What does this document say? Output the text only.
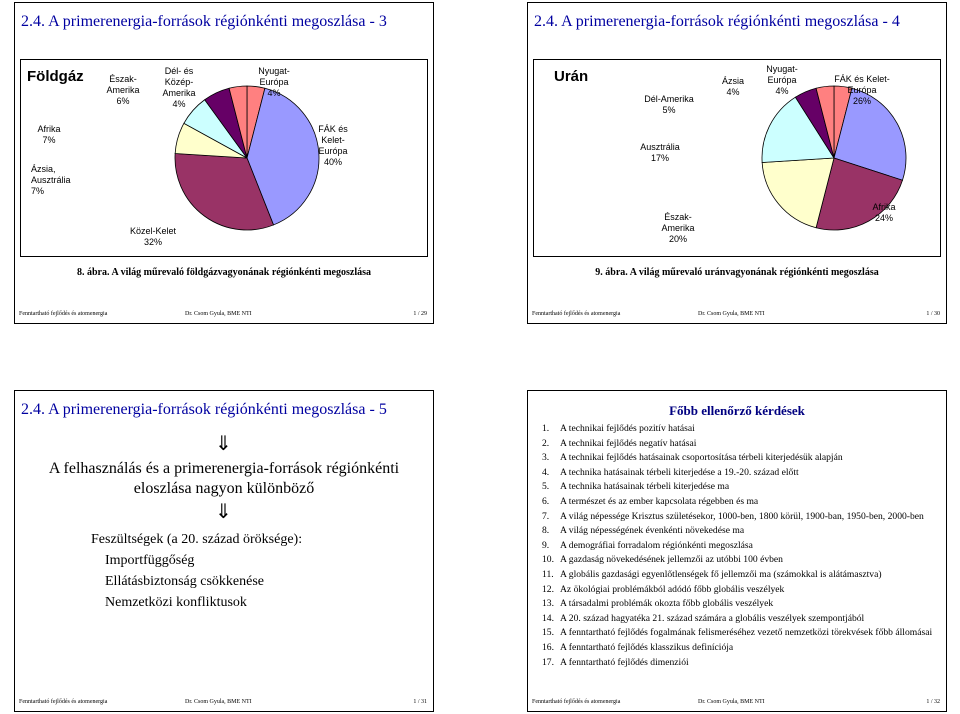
2.4. A primerenergia-források régiónkénti megoszlása - 3
Földgáz	Nyugat-Európa 4%
FÁK és Kelet-Európa 40%
Közel-Kelet 32%
Ázsia, Ausztrália 7%
Afrika 7%
Észak-Amerika 6%
Dél- és Közép-Amerika 4%
8. ábra. A világ műrevaló földgázvagyonának régiónkénti megoszlása
Fenntartható fejlődés és atomenergia	Dr. Csom Gyula, BME NTI	1 / 29
2.4. A primerenergia-források régiónkénti megoszlása - 4
Urán	Nyugat-Európa 4%
FÁK és Kelet-Európa 26%
Afrika 24%
Észak-Amerika 20%
Ausztrália 17%
Dél-Amerika 5%
Ázsia 4%
9. ábra. A világ műrevaló uránvagyonának régiónkénti megoszlása
Fenntartható fejlődés és atomenergia	Dr. Csom Gyula, BME NTI	1 / 30
2.4. A primerenergia-források régiónkénti megoszlása - 5
⇓
A felhasználás és a primerenergia-források régiónkénti
eloszlása nagyon különböző
⇓
Feszültségek (a 20. század öröksége):
Importfüggőség
Ellátásbiztonság csökkenése
Nemzetközi konfliktusok
Fenntartható fejlődés és atomenergia	Dr. Csom Gyula, BME NTI	1 / 31
Főbb ellenőrző kérdések
1.	A technikai fejlődés pozitív hatásai
2.	A technikai fejlődés negatív hatásai
3.	A technikai fejlődés hatásainak csoportosítása térbeli kiterjedésük alapján
4.	A technika hatásainak térbeli kiterjedése a 19.-20. század előtt
5.	A technika hatásainak térbeli kiterjedése ma
6.	A természet és az ember kapcsolata régebben és ma
7.	A világ népessége Krisztus születésekor, 1000-ben, 1800 körül, 1900-ban, 1950-ben, 2000-ben
8.	A világ népességének évenkénti növekedése ma
9.	A demográfiai forradalom régiónkénti megoszlása
10. A gazdaság növekedésének jellemzői az utóbbi 100 évben
11. A globális gazdasági egyenlőtlenségek fő jellemzői ma (számokkal is alátámasztva)
12. Az ökológiai problémákból adódó főbb globális veszélyek
13. A társadalmi problémák okozta főbb globális veszélyek
14. A 20. század hagyatéka 21. század számára a globális veszélyek szempontjából
15. A fenntartható fejlődés fogalmának felismeréséhez vezető nemzetközi törekvések főbb állomásai
16. A fenntartható fejlődés klasszikus definíciója
17. A fenntartható fejlődés dimenziói
Fenntartható fejlődés és atomenergia	Dr. Csom Gyula, BME NTI	1 / 32
